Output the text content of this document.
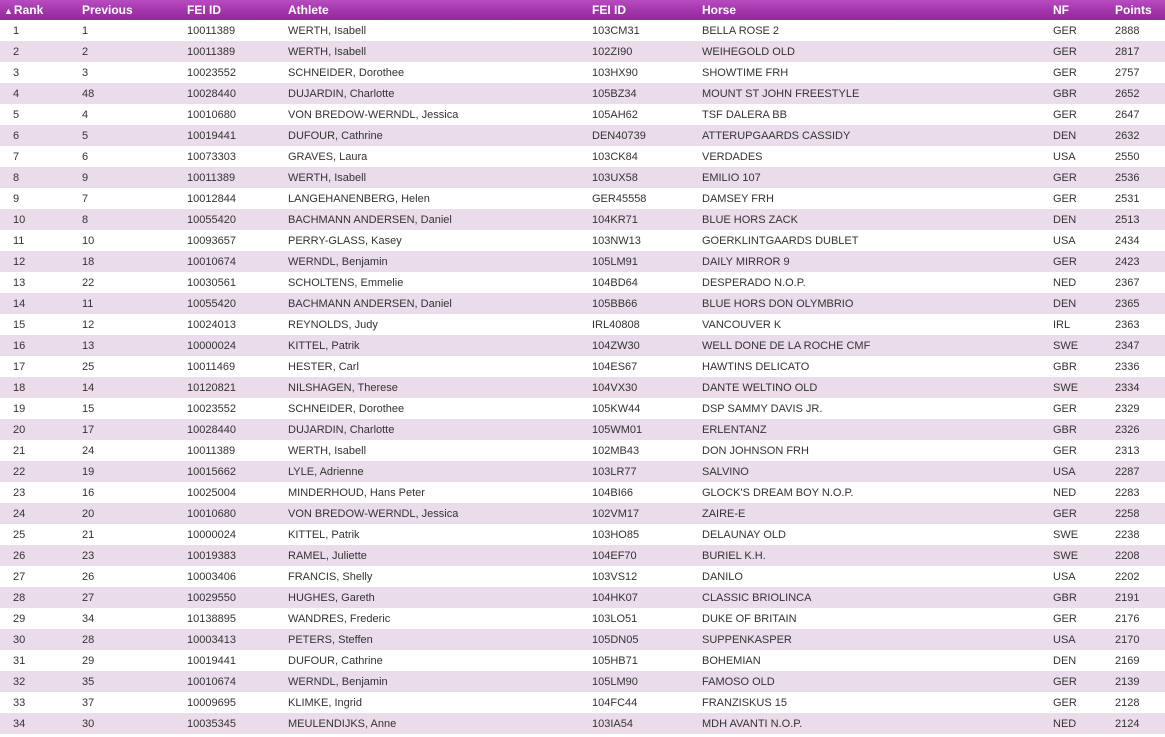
▲Rank	Previous	FEI ID	Athlete	FEI ID	Horse	NF	Points
1	1	10011389	WERTH, Isabell	103CM31	BELLA ROSE 2	GER	2888
2	2	10011389	WERTH, Isabell	102ZI90	WEIHEGOLD OLD	GER	2817
3	3	10023552	SCHNEIDER, Dorothee	103HX90	SHOWTIME FRH	GER	2757
4	48	10028440	DUJARDIN, Charlotte	105BZ34	MOUNT ST JOHN FREESTYLE	GBR	2652
5	4	10010680	VON BREDOW-WERNDL, Jessica	105AH62	TSF DALERA BB	GER	2647
6	5	10019441	DUFOUR, Cathrine	DEN40739	ATTERUPGAARDS CASSIDY	DEN	2632
7	6	10073303	GRAVES, Laura	103CK84	VERDADES	USA	2550
8	9	10011389	WERTH, Isabell	103UX58	EMILIO 107	GER	2536
9	7	10012844	LANGEHANENBERG, Helen	GER45558	DAMSEY FRH	GER	2531
10	8	10055420	BACHMANN ANDERSEN, Daniel	104KR71	BLUE HORS ZACK	DEN	2513
11	10	10093657	PERRY-GLASS, Kasey	103NW13	GOERKLINTGAARDS DUBLET	USA	2434
12	18	10010674	WERNDL, Benjamin	105LM91	DAILY MIRROR 9	GER	2423
13	22	10030561	SCHOLTENS, Emmelie	104BD64	DESPERADO N.O.P.	NED	2367
14	11	10055420	BACHMANN ANDERSEN, Daniel	105BB66	BLUE HORS DON OLYMBRIO	DEN	2365
15	12	10024013	REYNOLDS, Judy	IRL40808	VANCOUVER K	IRL	2363
16	13	10000024	KITTEL, Patrik	104ZW30	WELL DONE DE LA ROCHE CMF	SWE	2347
17	25	10011469	HESTER, Carl	104ES67	HAWTINS DELICATO	GBR	2336
18	14	10120821	NILSHAGEN, Therese	104VX30	DANTE WELTINO OLD	SWE	2334
19	15	10023552	SCHNEIDER, Dorothee	105KW44	DSP SAMMY DAVIS JR.	GER	2329
20	17	10028440	DUJARDIN, Charlotte	105WM01	ERLENTANZ	GBR	2326
21	24	10011389	WERTH, Isabell	102MB43	DON JOHNSON FRH	GER	2313
22	19	10015662	LYLE, Adrienne	103LR77	SALVINO	USA	2287
23	16	10025004	MINDERHOUD, Hans Peter	104BI66	GLOCK'S DREAM BOY N.O.P.	NED	2283
24	20	10010680	VON BREDOW-WERNDL, Jessica	102VM17	ZAIRE-E	GER	2258
25	21	10000024	KITTEL, Patrik	103HO85	DELAUNAY OLD	SWE	2238
26	23	10019383	RAMEL, Juliette	104EF70	BURIEL K.H.	SWE	2208
27	26	10003406	FRANCIS, Shelly	103VS12	DANILO	USA	2202
28	27	10029550	HUGHES, Gareth	104HK07	CLASSIC BRIOLINCA	GBR	2191
29	34	10138895	WANDRES, Frederic	103LO51	DUKE OF BRITAIN	GER	2176
30	28	10003413	PETERS, Steffen	105DN05	SUPPENKASPER	USA	2170
31	29	10019441	DUFOUR, Cathrine	105HB71	BOHEMIAN	DEN	2169
32	35	10010674	WERNDL, Benjamin	105LM90	FAMOSO OLD	GER	2139
33	37	10009695	KLIMKE, Ingrid	104FC44	FRANZISKUS 15	GER	2128
34	30	10035345	MEULENDIJKS, Anne	103IA54	MDH AVANTI N.O.P.	NED	2124
